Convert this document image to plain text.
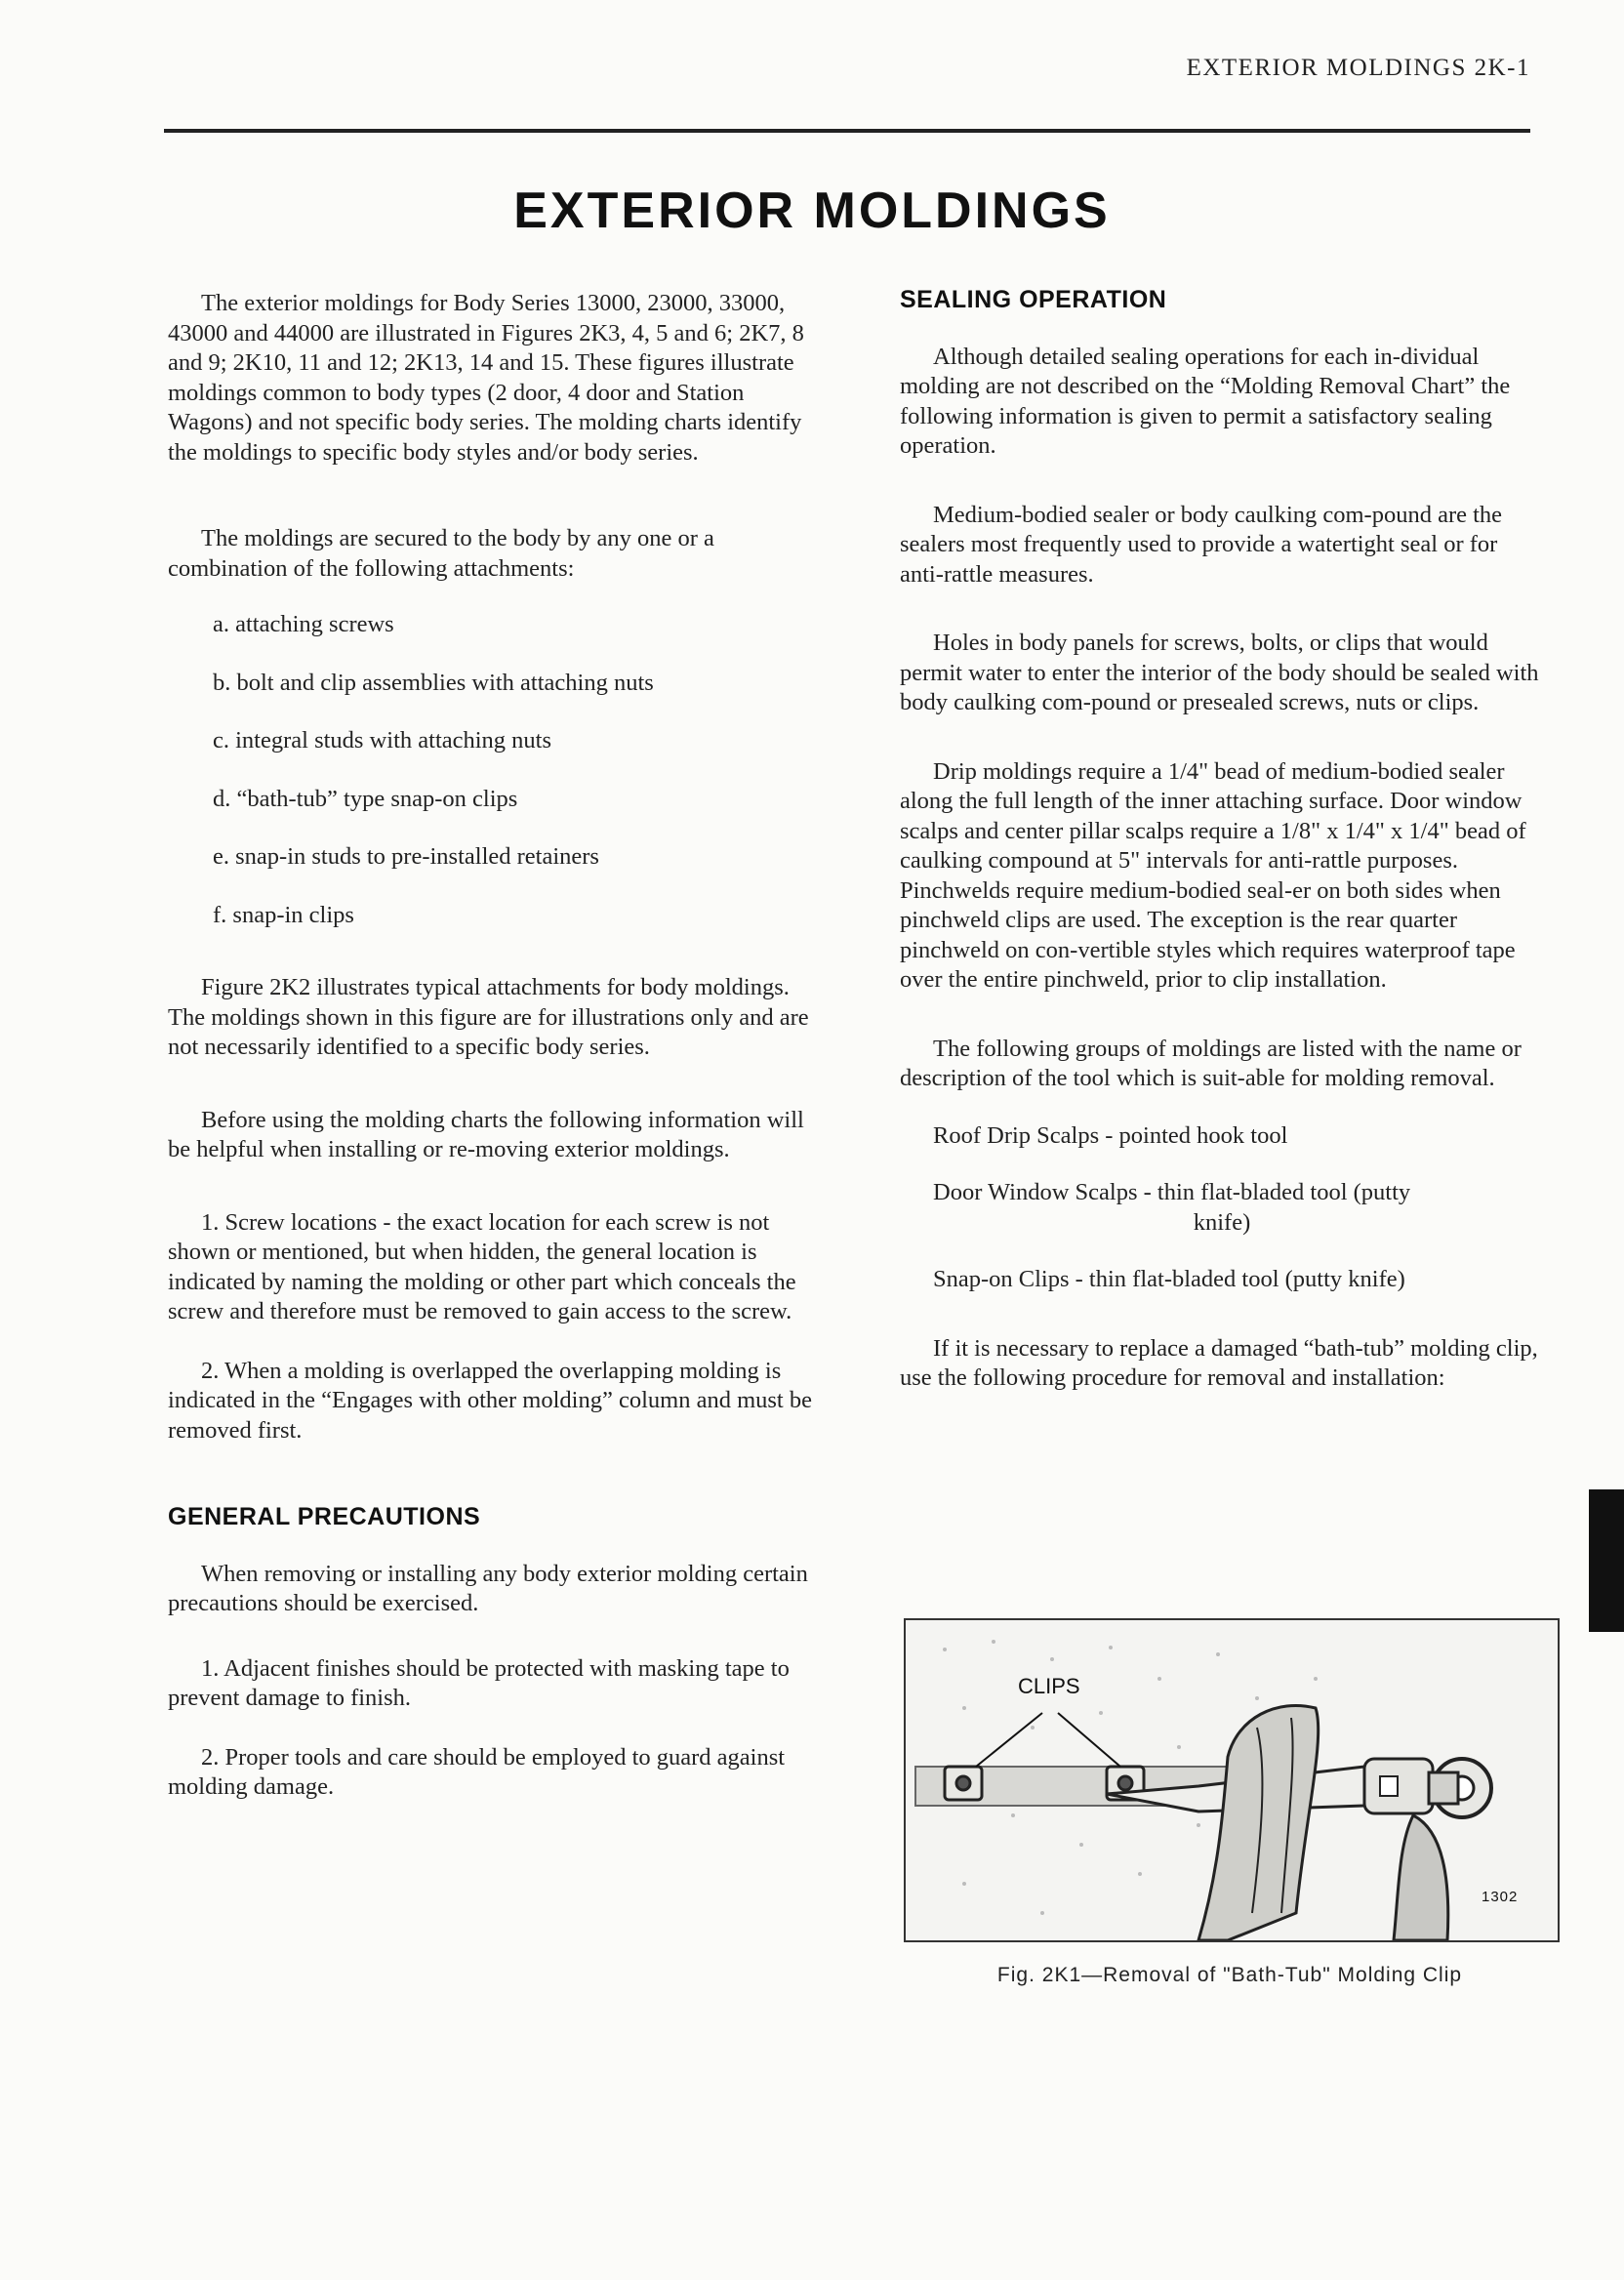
EXTERIOR MOLDINGS 2K-1
EXTERIOR MOLDINGS

The exterior moldings for Body Series 13000, 23000, 33000, 43000 and 44000 are illustrated in Figures 2K3, 4, 5 and 6; 2K7, 8 and 9; 2K10, 11 and 12; 2K13, 14 and 15. These figures illustrate moldings common to body types (2 door, 4 door and Station Wagons) and not specific body series. The molding charts identify the moldings to specific body styles and/or body series.

The moldings are secured to the body by any one or a combination of the following attachments:

a. attaching screws

b. bolt and clip assemblies with attaching nuts

c. integral studs with attaching nuts

d. “bath-tub” type snap-on clips

e. snap-in studs to pre-installed retainers

f. snap-in clips

Figure 2K2 illustrates typical attachments for body moldings. The moldings shown in this figure are for illustrations only and are not necessarily identified to a specific body series.

Before using the molding charts the following information will be helpful when installing or re-moving exterior moldings.

1. Screw locations - the exact location for each screw is not shown or mentioned, but when hidden, the general location is indicated by naming the molding or other part which conceals the screw and therefore must be removed to gain access to the screw.

2. When a molding is overlapped the overlapping molding is indicated in the “Engages with other molding” column and must be removed first.

GENERAL PRECAUTIONS

When removing or installing any body exterior molding certain precautions should be exercised.

1. Adjacent finishes should be protected with masking tape to prevent damage to finish.

2. Proper tools and care should be employed to guard against molding damage.

SEALING OPERATION

Although detailed sealing operations for each in-dividual molding are not described on the “Molding Removal Chart” the following information is given to permit a satisfactory sealing operation.

Medium-bodied sealer or body caulking com-pound are the sealers most frequently used to provide a watertight seal or for anti-rattle measures.

Holes in body panels for screws, bolts, or clips that would permit water to enter the interior of the body should be sealed with body caulking com-pound or presealed screws, nuts or clips.

Drip moldings require a 1/4" bead of medium-bodied sealer along the full length of the inner attaching surface. Door window scalps and center pillar scalps require a 1/8" x 1/4" x 1/4" bead of caulking compound at 5" intervals for anti-rattle purposes. Pinchwelds require medium-bodied seal-er on both sides when pinchweld clips are used. The exception is the rear quarter pinchweld on con-vertible styles which requires waterproof tape over the entire pinchweld, prior to clip installation.

The following groups of moldings are listed with the name or description of the tool which is suit-able for molding removal.

Roof Drip Scalps - pointed hook tool

Door Window Scalps - thin flat-bladed tool (putty

knife)

Snap-on Clips - thin flat-bladed tool (putty knife)

If it is necessary to replace a damaged “bath-tub” molding clip, use the following procedure for removal and installation:

CLIPS
1302
Fig. 2K1—Removal of "Bath-Tub" Molding Clip
